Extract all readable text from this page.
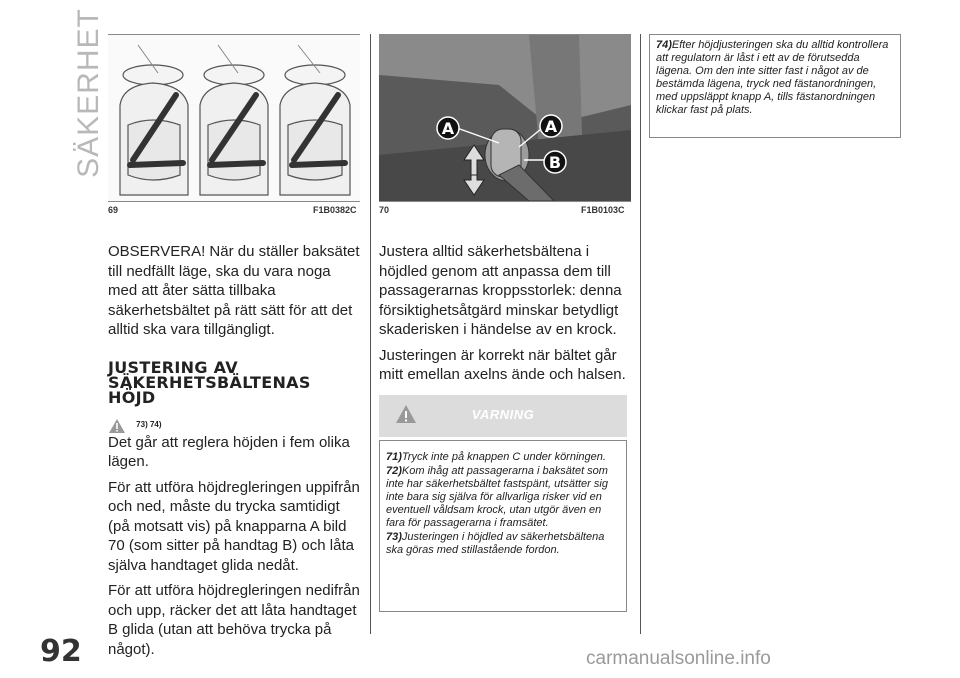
SÄKERHET
69	F1B0382C
A	A
B
70	F1B0103C

OBSERVERA! När du ställer baksätet till nedfällt läge, ska du vara noga med att åter sätta tillbaka säkerhetsbältet på rätt sätt för att det alltid ska vara tillgängligt.

JUSTERING AV
SÄKERHETSBÄLTENAS
HÖJD
73) 74)

Det går att reglera höjden i fem olika lägen.

För att utföra höjdregleringen uppifrån och ned, måste du trycka samtidigt (på motsatt vis) på knapparna A bild 70 (som sitter på handtag B) och låta själva handtaget glida nedåt.

För att utföra höjdregleringen nedifrån och upp, räcker det att låta handtaget B glida (utan att behöva trycka på något).

Justera alltid säkerhetsbältena i höjdled genom att anpassa dem till passagerarnas kroppsstorlek: denna försiktighetsåtgärd minskar betydligt skaderisken i händelse av en krock.

Justeringen är korrekt när bältet går mitt emellan axelns ände och halsen.

VARNING
71)Tryck inte på knappen C under körningen.
72)Kom ihåg att passagerarna i baksätet som inte har säkerhetsbältet fastspänt, utsätter sig inte bara sig själva för allvarliga risker vid en eventuell våldsam krock, utan utgör även en fara för passagerarna i framsätet.
73)Justeringen i höjdled av säkerhetsbältena ska göras med stillastående fordon.
74)Efter höjdjusteringen ska du alltid kontrollera att regulatorn är låst i ett av de förutsedda lägena. Om den inte sitter fast i något av de bestämda lägena, tryck ned fästanordningen, med uppsläppt knapp A, tills fästanordningen klickar fast på plats.
92	carmanualsonline.info
